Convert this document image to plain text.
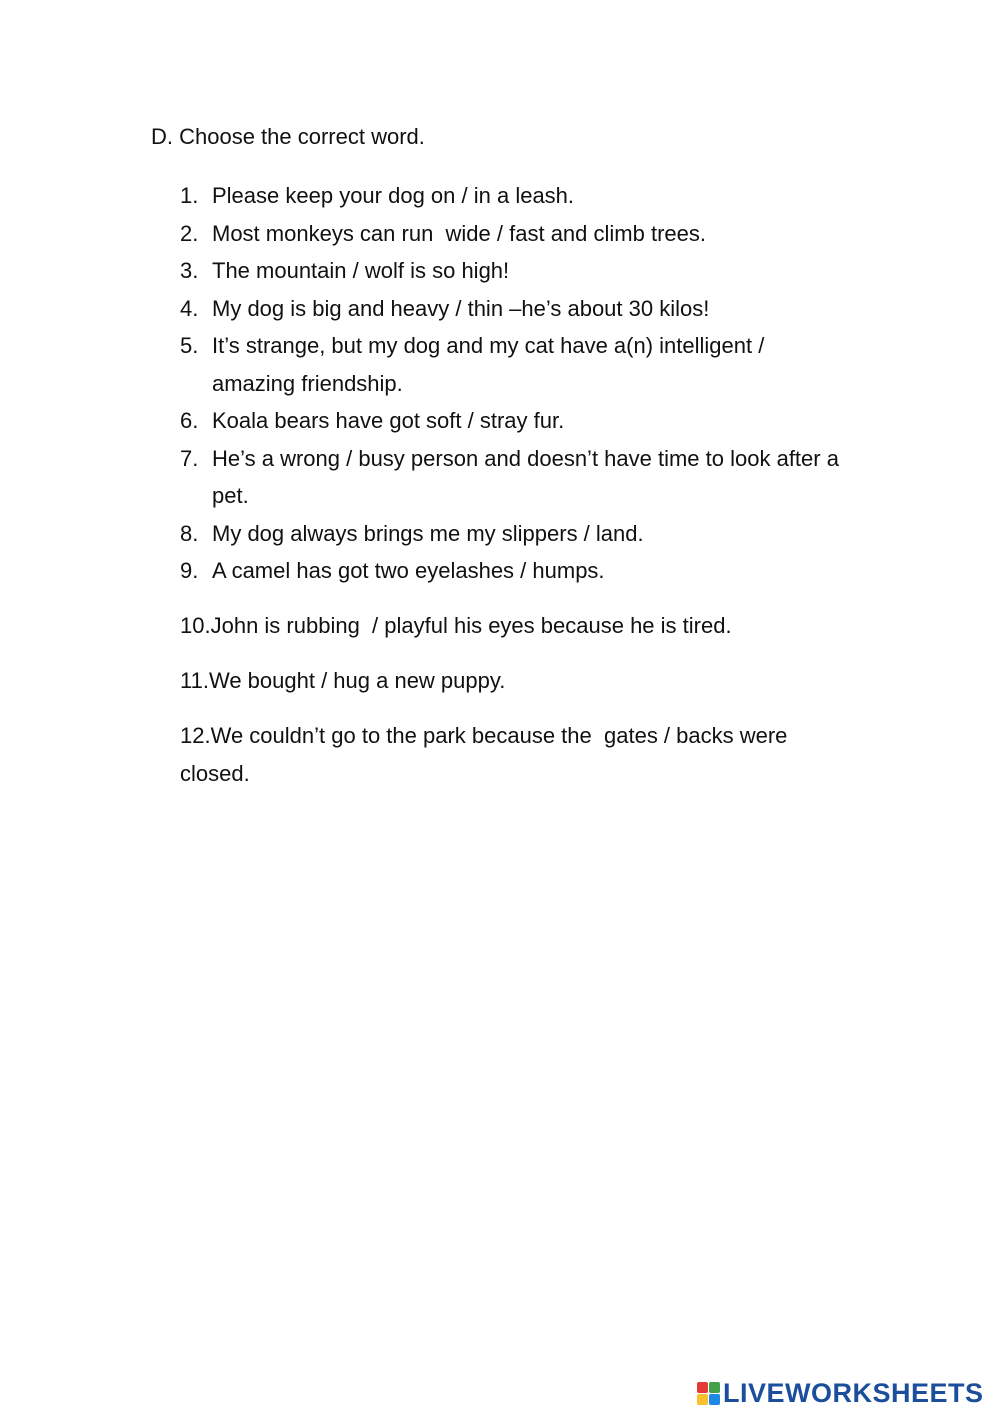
D. Choose the correct word.
1. Please keep your dog on / in a leash.
2. Most monkeys can run  wide / fast and climb trees.
3. The mountain / wolf is so high!
4. My dog is big and heavy / thin –he’s about 30 kilos!
5. It’s strange, but my dog and my cat have a(n) intelligent / amazing friendship.
6. Koala bears have got soft / stray fur.
7. He’s a wrong / busy person and doesn’t have time to look after a pet.
8. My dog always brings me my slippers / land.
9. A camel has got two eyelashes / humps.
10.John is rubbing  / playful his eyes because he is tired.
11.We bought / hug a new puppy.
12.We couldn’t go to the park because the  gates / backs were closed.
LIVEWORKSHEETS
